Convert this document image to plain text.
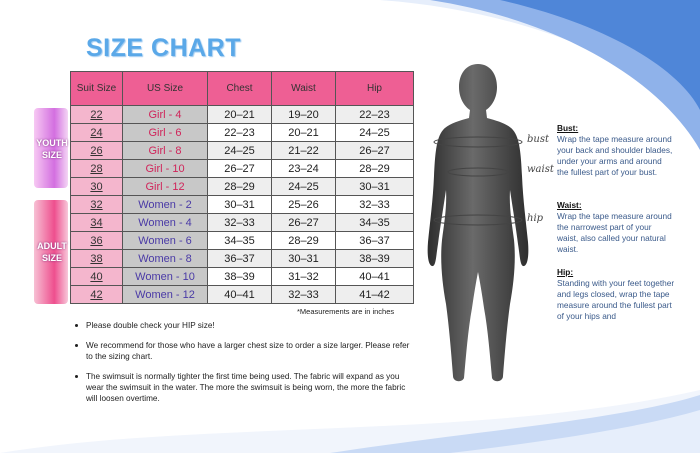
SIZE CHART
YOUTH SIZE
ADULT SIZE
Suit Size	US Size	Chest	Waist	Hip
22	Girl - 4	20–21	19–20	22–23
24	Girl - 6	22–23	20–21	24–25
26	Girl - 8	24–25	21–22	26–27
28	Girl - 10	26–27	23–24	28–29
30	Girl - 12	28–29	24–25	30–31
32	Women - 2	30–31	25–26	32–33
34	Women - 4	32–33	26–27	34–35
36	Women - 6	34–35	28–29	36–37
38	Women - 8	36–37	30–31	38–39
40	Women - 10	38–39	31–32	40–41
42	Women - 12	40–41	32–33	41–42
*Measurements are in inches
Please double check your HIP size!
We recommend for those who have a larger chest size to order a size larger. Please refer to the sizing chart.
The swimsuit is normally tighter the first time being used. The fabric will expand as you wear the swimsuit in the water. The more the swimsuit is being worn, the more the fabric will loosen overtime.
bust
waist
hip
Bust:
Wrap the tape measure around your back and shoulder blades, under your arms and around the fullest part of your bust.
Waist:
Wrap the tape measure around the narrowest part of your waist, also called your natural waist.
Hip:
Standing with your feet together and legs closed, wrap the tape measure around the fullest part of your hips and
